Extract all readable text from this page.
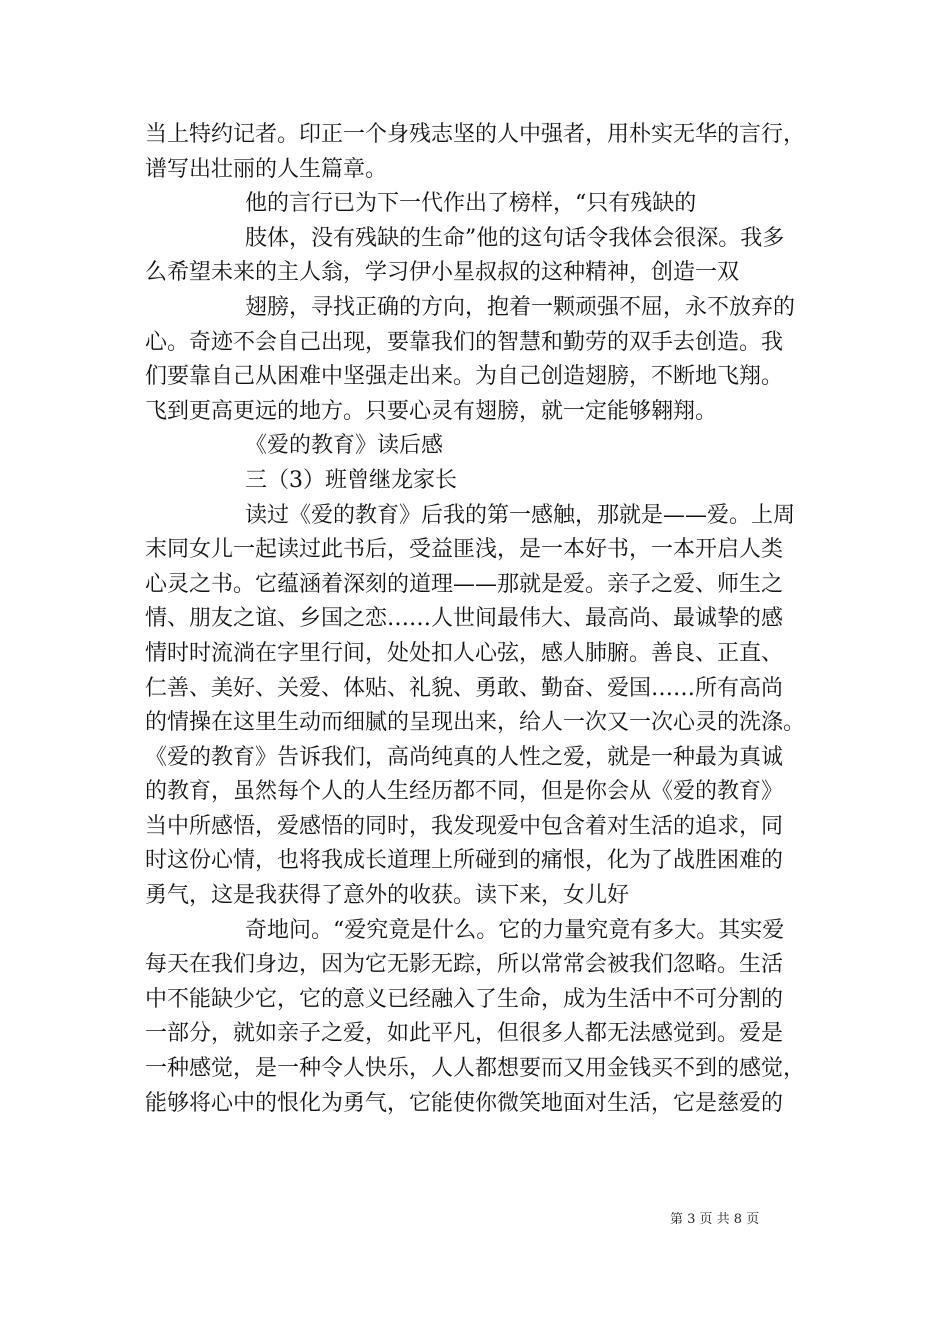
当上特约记者。印正一个身残志坚的人中强者，用朴实无华的言行，
谱写出壮丽的人生篇章。
他的言行已为下一代作出了榜样，“只有残缺的
肢体，没有残缺的生命”他的这句话令我体会很深。我多
么希望未来的主人翁，学习伊小星叔叔的这种精神，创造一双
翅膀，寻找正确的方向，抱着一颗顽强不屈，永不放弃的
心。奇迹不会自己出现，要靠我们的智慧和勤劳的双手去创造。我
们要靠自己从困难中坚强走出来。为自己创造翅膀，不断地飞翔。
飞到更高更远的地方。只要心灵有翅膀，就一定能够翱翔。
《爱的教育》读后感
三（3）班曾继龙家长
读过《爱的教育》后我的第一感触，那就是——爱。上周
末同女儿一起读过此书后，受益匪浅，是一本好书，一本开启人类
心灵之书。它蕴涵着深刻的道理——那就是爱。亲子之爱、师生之
情、朋友之谊、乡国之恋……人世间最伟大、最高尚、最诚挚的感
情时时流淌在字里行间，处处扣人心弦，感人肺腑。善良、正直、
仁善、美好、关爱、体贴、礼貌、勇敢、勤奋、爱国……所有高尚
的情操在这里生动而细腻的呈现出来，给人一次又一次心灵的洗涤。
《爱的教育》告诉我们，高尚纯真的人性之爱，就是一种最为真诚
的教育，虽然每个人的人生经历都不同，但是你会从《爱的教育》
当中所感悟，爱感悟的同时，我发现爱中包含着对生活的追求，同
时这份心情，也将我成长道理上所碰到的痛恨，化为了战胜困难的
勇气，这是我获得了意外的收获。读下来，女儿好
奇地问。“爱究竟是什么。它的力量究竟有多大。其实爱
每天在我们身边，因为它无影无踪，所以常常会被我们忽略。生活
中不能缺少它，它的意义已经融入了生命，成为生活中不可分割的
一部分，就如亲子之爱，如此平凡，但很多人都无法感觉到。爱是
一种感觉，是一种令人快乐，人人都想要而又用金钱买不到的感觉，
能够将心中的恨化为勇气，它能使你微笑地面对生活，它是慈爱的
第 3 页 共 8 页
